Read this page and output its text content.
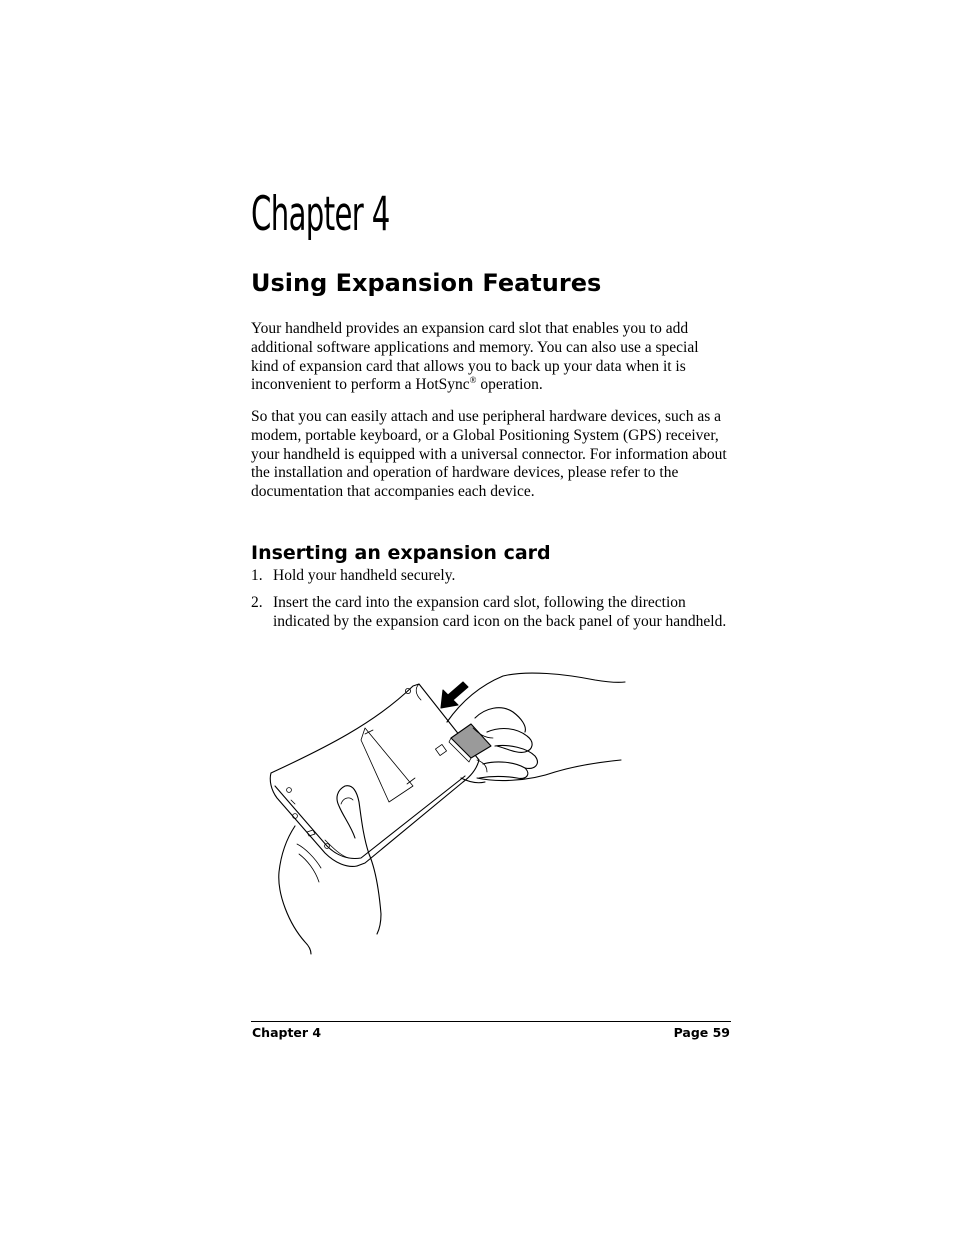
Chapter 4
Using Expansion Features

Your handheld provides an expansion card slot that enables you to add additional software applications and memory. You can also use a special kind of expansion card that allows you to back up your data when it is inconvenient to perform a HotSync® operation.

So that you can easily attach and use peripheral hardware devices, such as a modem, portable keyboard, or a Global Positioning System (GPS) receiver, your handheld is equipped with a universal connector. For information about the installation and operation of hardware devices, please refer to the documentation that accompanies each device.

Inserting an expansion card
1. Hold your handheld securely.
2. Insert the card into the expansion card slot, following the direction indicated by the expansion card icon on the back panel of your handheld.
Chapter 4	Page 59
